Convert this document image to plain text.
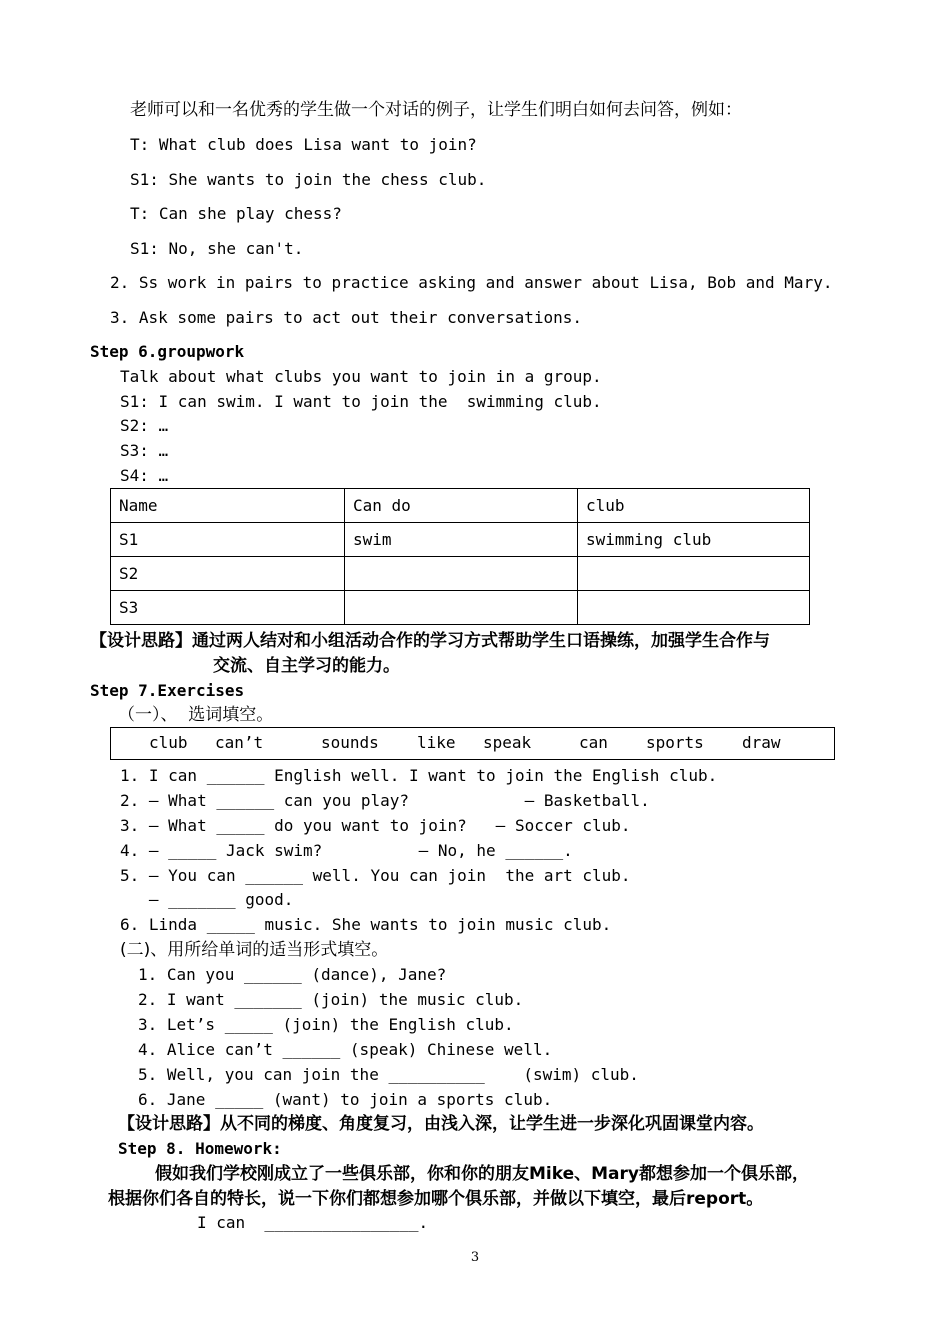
老师可以和一名优秀的学生做一个对话的例子，让学生们明白如何去问答，例如：
T: What club does Lisa want to join?
S1: She wants to join the chess club.
T: Can she play chess?
S1: No, she can't.
2. Ss work in pairs to practice asking and answer about Lisa, Bob and Mary.
3. Ask some pairs to act out their conversations.
Step 6.groupwork
Talk about what clubs you want to join in a group.
S1: I can swim. I want to join the  swimming club.
S2: …
S3: …
S4: …
Name	Can do	club
S1	swim	swimming club
S2		
S3		
【设计思路】通过两人结对和小组活动合作的学习方式帮助学生口语操练，加强学生合作与
交流、自主学习的能力。
Step 7.Exercises
（一）、  选词填空。
club can’t	sounds like speak	can sports draw
1. I can ______ English well. I want to join the English club.
2. — What ______ can you play?            — Basketball.
3. — What _____ do you want to join?   — Soccer club.
4. — _____ Jack swim?          — No, he ______.
5. — You can ______ well. You can join  the art club.
— _______ good.
6. Linda _____ music. She wants to join music club.
(二)、用所给单词的适当形式填空。
1. Can you ______ (dance), Jane?
2. I want _______ (join) the music club.
3. Let’s _____ (join) the English club.
4. Alice can’t ______ (speak) Chinese well.
5. Well, you can join the __________    (swim) club.
6. Jane _____ (want) to join a sports club.
【设计思路】从不同的梯度、角度复习，由浅入深，让学生进一步深化巩固课堂内容。
Step 8. Homework:
假如我们学校刚成立了一些俱乐部，你和你的朋友Mike、Mary都想参加一个俱乐部，
根据你们各自的特长，说一下你们都想参加哪个俱乐部，并做以下填空，最后report。
I can  ________________.
3
